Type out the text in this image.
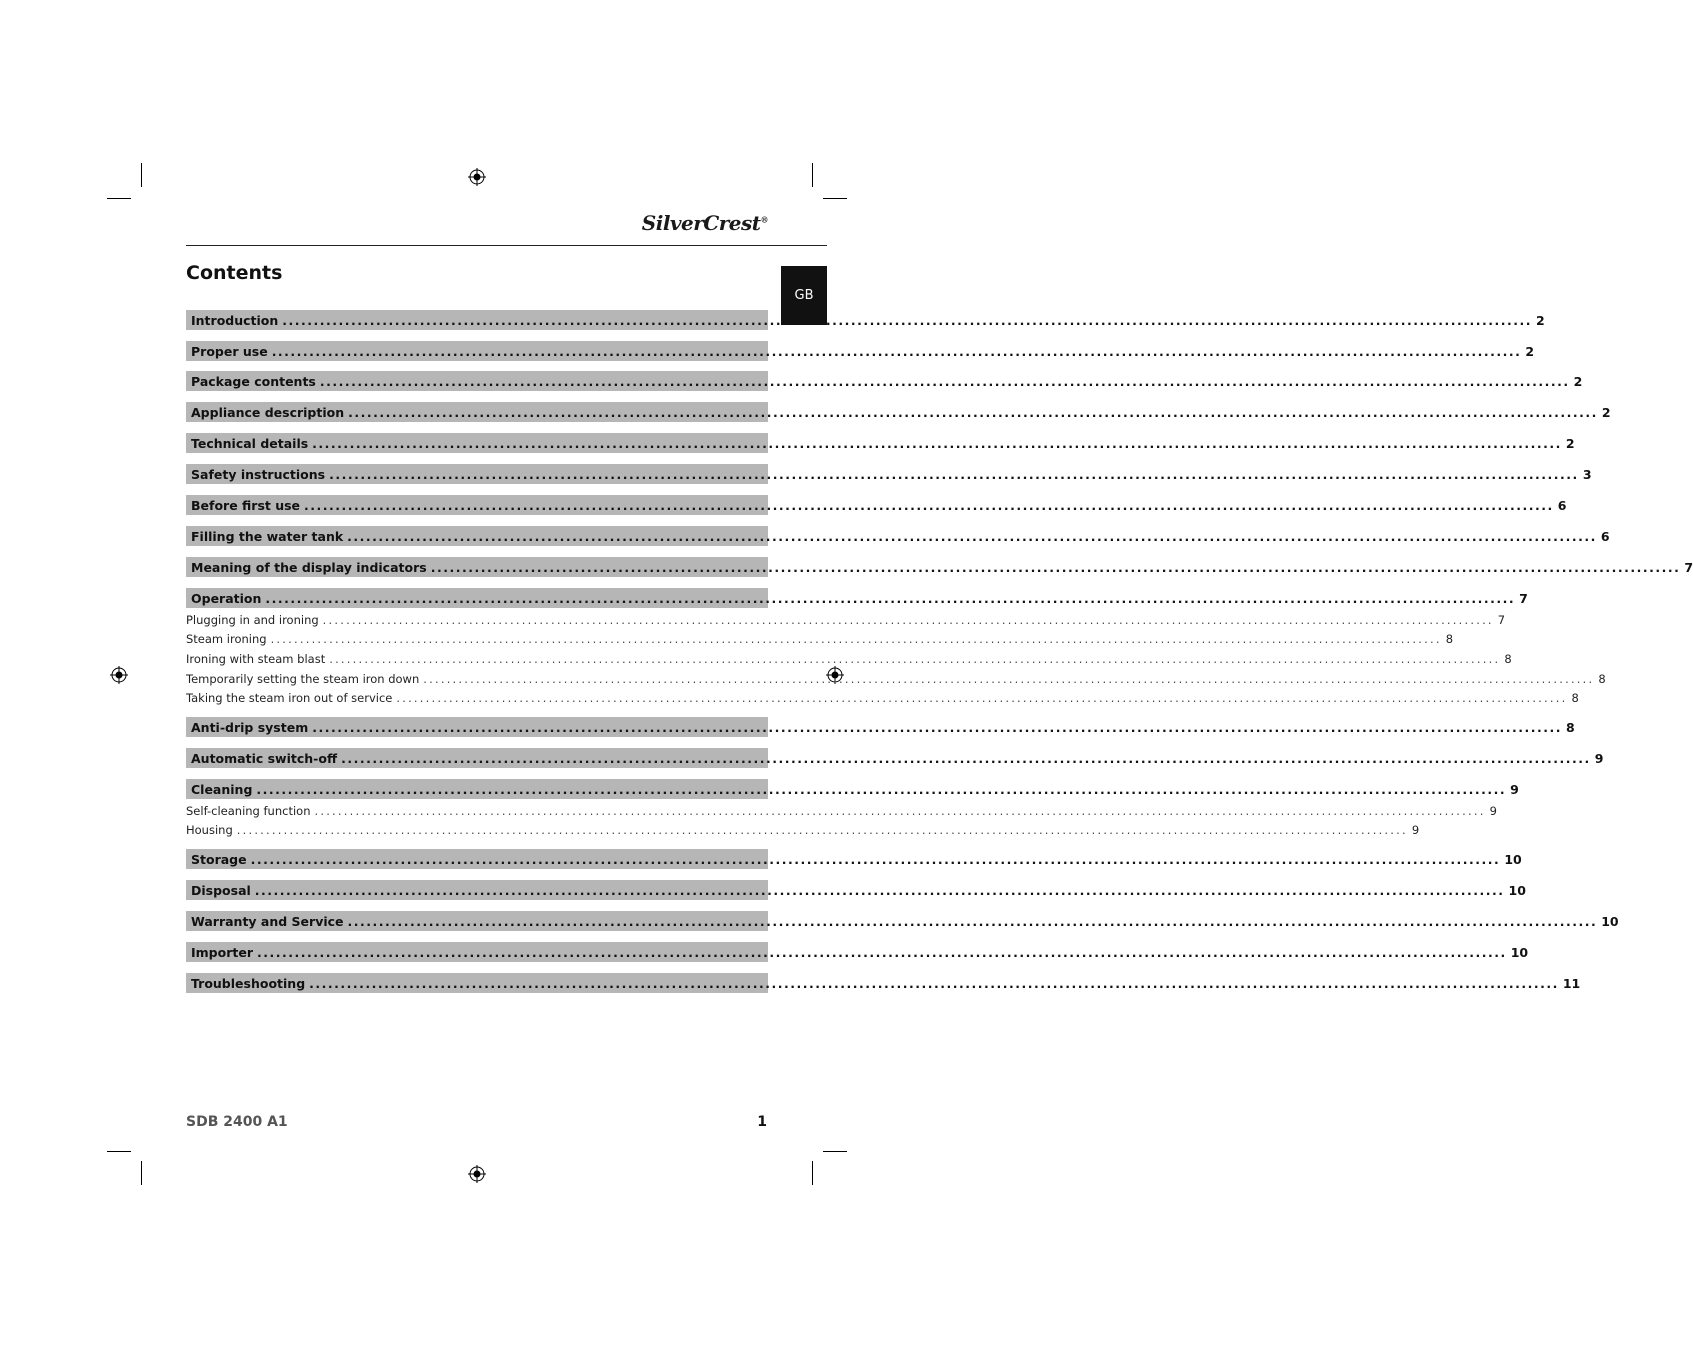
SilverCrest®
Contents
GB
Introduction ........................................................................................................................................................................................................ 2
Proper use ........................................................................................................................................................................................................ 2
Package contents ........................................................................................................................................................................................................ 2
Appliance description ........................................................................................................................................................................................................ 2
Technical details ........................................................................................................................................................................................................ 2
Safety instructions ........................................................................................................................................................................................................ 3
Before first use ........................................................................................................................................................................................................ 6
Filling the water tank ........................................................................................................................................................................................................ 6
Meaning of the display indicators ........................................................................................................................................................................................................ 7
Operation ........................................................................................................................................................................................................ 7
Plugging in and ironing ........................................................................................................................................................................................................ 7
Steam ironing ........................................................................................................................................................................................................ 8
Ironing with steam blast ........................................................................................................................................................................................................ 8
Temporarily setting the steam iron down ........................................................................................................................................................................................................ 8
Taking the steam iron out of service ........................................................................................................................................................................................................ 8
Anti-drip system ........................................................................................................................................................................................................ 8
Automatic switch-off ........................................................................................................................................................................................................ 9
Cleaning ........................................................................................................................................................................................................ 9
Self-cleaning function ........................................................................................................................................................................................................ 9
Housing ........................................................................................................................................................................................................ 9
Storage ........................................................................................................................................................................................................ 10
Disposal ........................................................................................................................................................................................................ 10
Warranty and Service ........................................................................................................................................................................................................ 10
Importer ........................................................................................................................................................................................................ 10
Troubleshooting ........................................................................................................................................................................................................ 11
SDB 2400 A1	1
